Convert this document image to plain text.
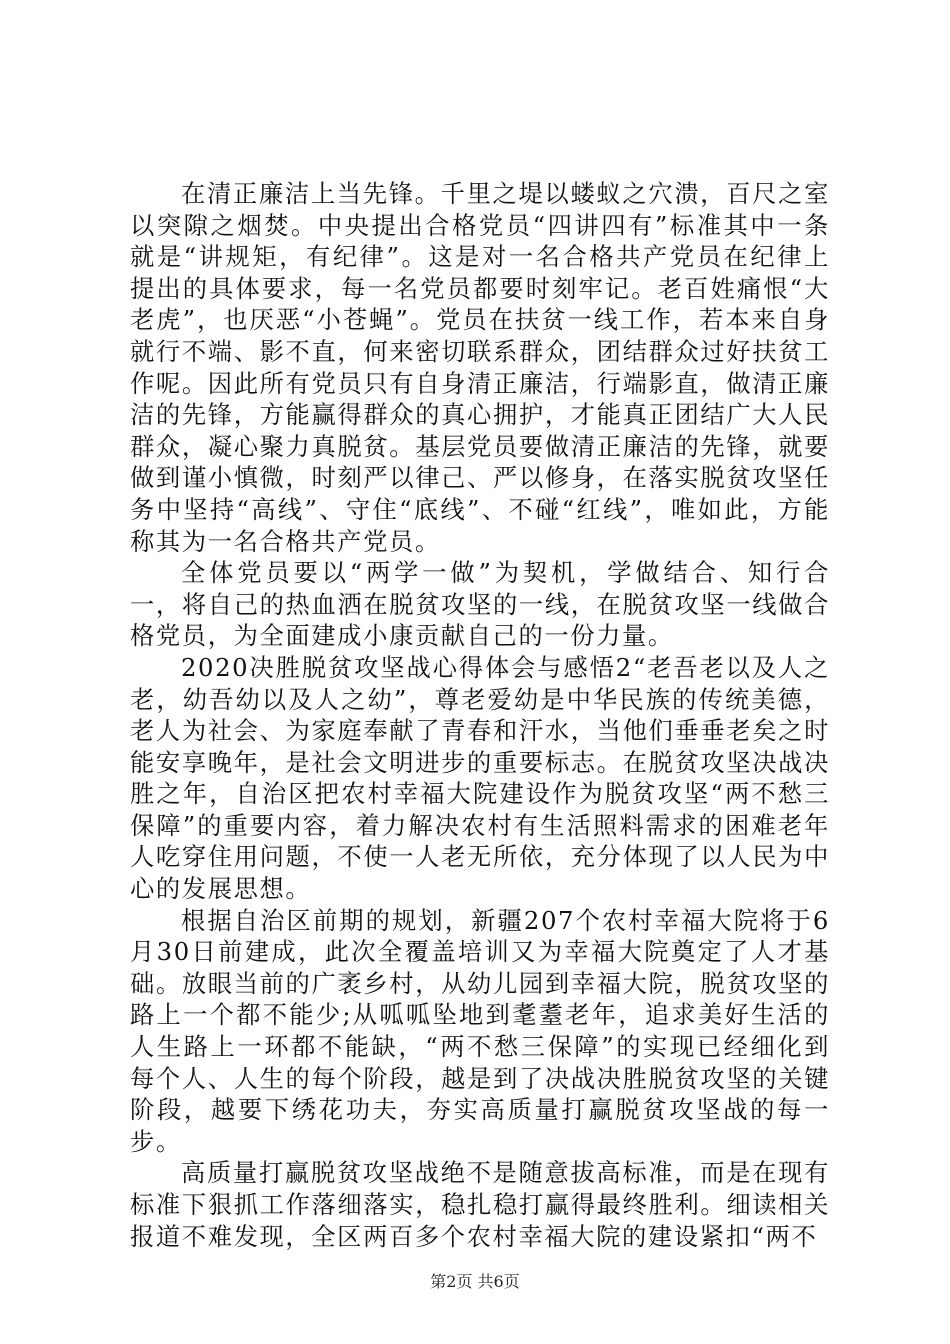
在清正廉洁上当先锋。千里之堤以蝼蚁之穴溃，百尺之室以突隙之烟焚。中央提出合格党员“四讲四有”标准其中一条就是“讲规矩，有纪律”。这是对一名合格共产党员在纪律上提出的具体要求，每一名党员都要时刻牢记。老百姓痛恨“大老虎”，也厌恶“小苍蝇”。党员在扶贫一线工作，若本来自身就行不端、影不直，何来密切联系群众，团结群众过好扶贫工作呢。因此所有党员只有自身清正廉洁，行端影直，做清正廉洁的先锋，方能赢得群众的真心拥护，才能真正团结广大人民群众，凝心聚力真脱贫。基层党员要做清正廉洁的先锋，就要做到谨小慎微，时刻严以律己、严以修身，在落实脱贫攻坚任务中坚持“高线”、守住“底线”、不碰“红线”，唯如此，方能称其为一名合格共产党员。

全体党员要以“两学一做”为契机，学做结合、知行合一，将自己的热血洒在脱贫攻坚的一线，在脱贫攻坚一线做合格党员，为全面建成小康贡献自己的一份力量。

2020决胜脱贫攻坚战心得体会与感悟2“老吾老以及人之老，幼吾幼以及人之幼”，尊老爱幼是中华民族的传统美德，老人为社会、为家庭奉献了青春和汗水，当他们垂垂老矣之时能安享晚年，是社会文明进步的重要标志。在脱贫攻坚决战决胜之年，自治区把农村幸福大院建设作为脱贫攻坚“两不愁三保障”的重要内容，着力解决农村有生活照料需求的困难老年人吃穿住用问题，不使一人老无所依，充分体现了以人民为中心的发展思想。

根据自治区前期的规划，新疆207个农村幸福大院将于6月30日前建成，此次全覆盖培训又为幸福大院奠定了人才基础。放眼当前的广袤乡村，从幼儿园到幸福大院，脱贫攻坚的路上一个都不能少;从呱呱坠地到耄耋老年，追求美好生活的人生路上一环都不能缺，“两不愁三保障”的实现已经细化到每个人、人生的每个阶段，越是到了决战决胜脱贫攻坚的关键阶段，越要下绣花功夫，夯实高质量打赢脱贫攻坚战的每一步。

高质量打赢脱贫攻坚战绝不是随意拔高标准，而是在现有标准下狠抓工作落细落实，稳扎稳打赢得最终胜利。细读相关报道不难发现，全区两百多个农村幸福大院的建设紧扣“两不

第2页 共6页
